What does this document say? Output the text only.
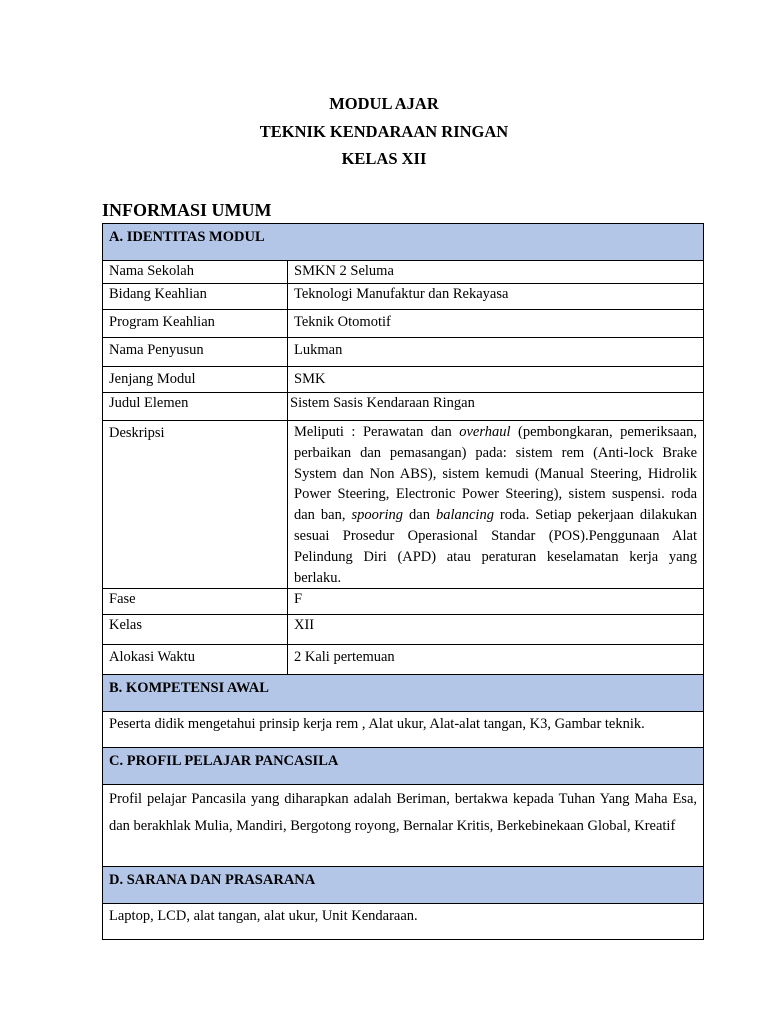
MODUL AJAR
TEKNIK KENDARAAN RINGAN
KELAS XII
INFORMASI UMUM
A. IDENTITAS MODUL	
Nama Sekolah	SMKN 2 Seluma
Bidang Keahlian	Teknologi Manufaktur dan Rekayasa
Program Keahlian	Teknik Otomotif
Nama Penyusun	Lukman
Jenjang Modul	SMK
Judul Elemen	Sistem Sasis Kendaraan Ringan
Deskripsi	Meliputi : Perawatan dan overhaul (pembongkaran, pemeriksaan, perbaikan dan pemasangan) pada: sistem rem (Anti-lock Brake System dan Non ABS), sistem kemudi (Manual Steering, Hidrolik Power Steering, Electronic Power Steering), sistem suspensi. roda dan ban, spooring dan balancing roda. Setiap pekerjaan dilakukan sesuai Prosedur Operasional Standar (POS).Penggunaan Alat Pelindung Diri (APD) atau peraturan keselamatan kerja yang berlaku.
Fase	F
Kelas	XII
Alokasi Waktu	2 Kali pertemuan
B. KOMPETENSI AWAL	
Peserta didik mengetahui prinsip kerja rem , Alat ukur, Alat-alat tangan, K3, Gambar teknik.	
C. PROFIL PELAJAR PANCASILA	
Profil pelajar Pancasila yang diharapkan adalah Beriman, bertakwa kepada Tuhan Yang Maha Esa, dan berakhlak Mulia, Mandiri, Bergotong royong, Bernalar Kritis, Berkebinekaan Global, Kreatif	
D. SARANA DAN PRASARANA	
Laptop, LCD, alat tangan, alat ukur, Unit Kendaraan.	
